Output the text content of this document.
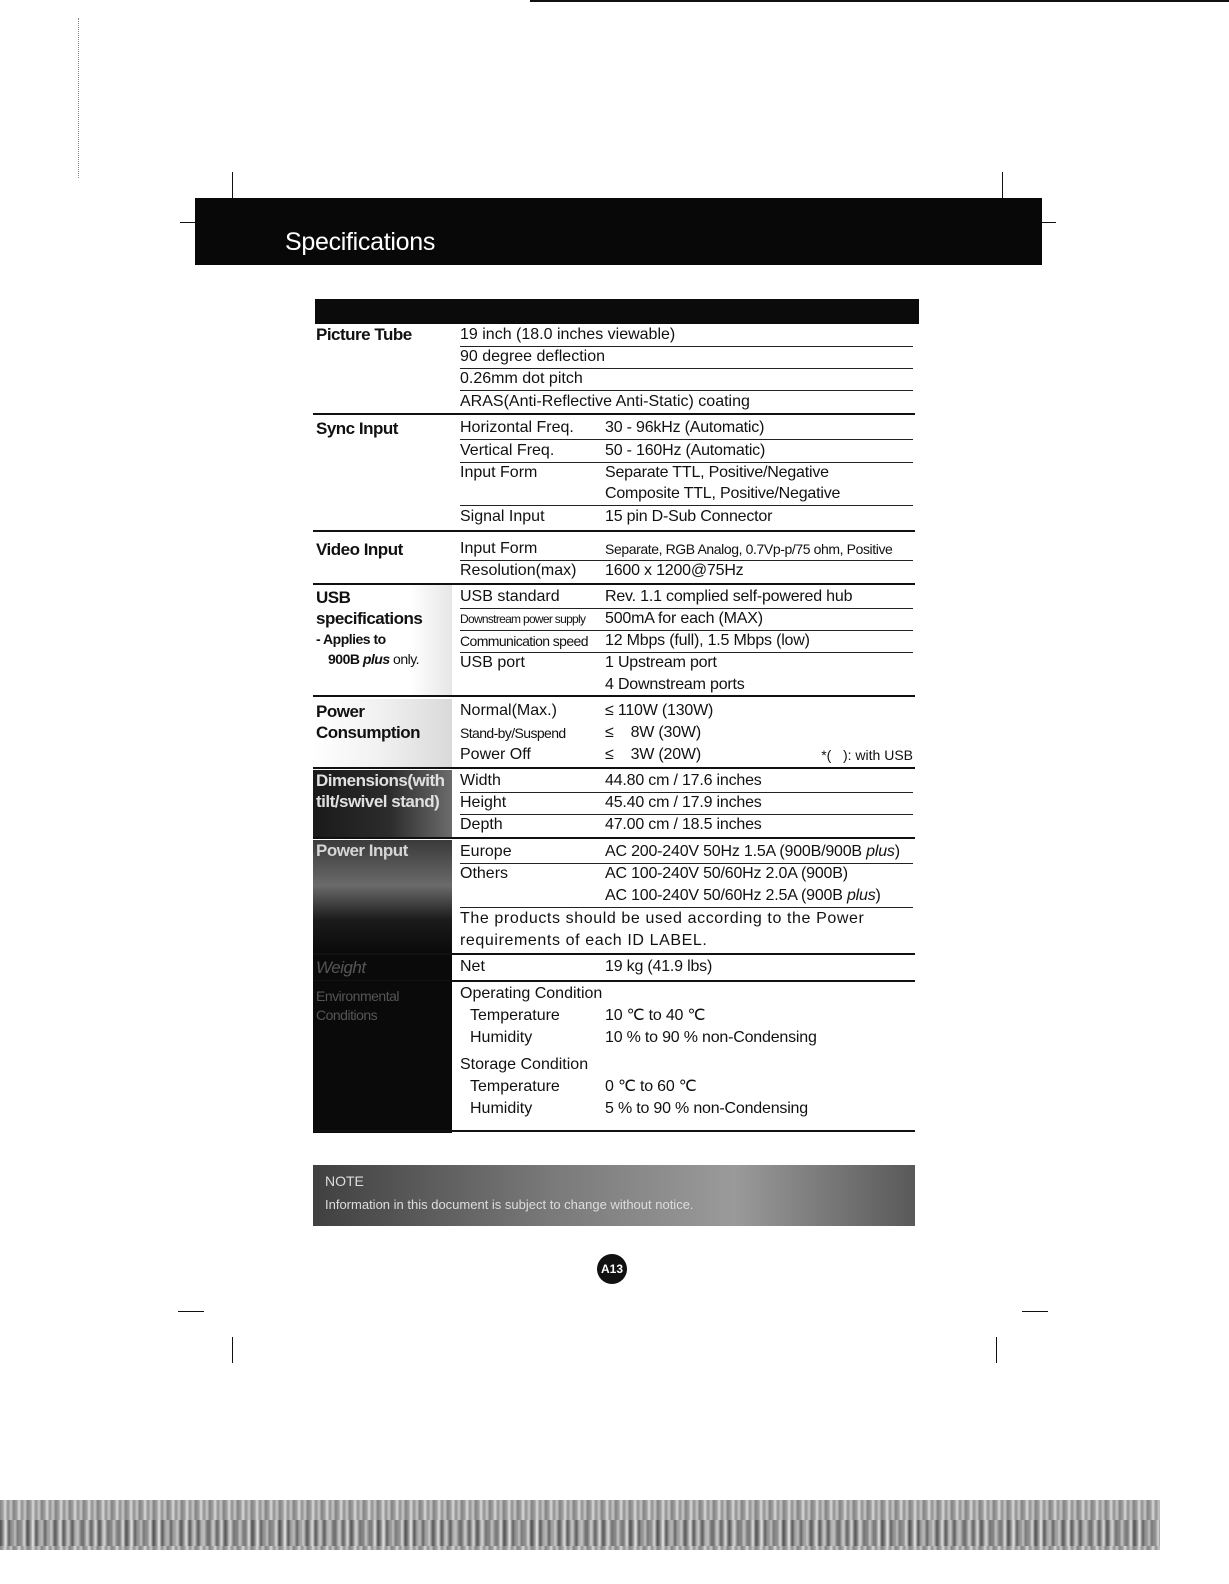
Specifications
Picture Tube	19 inch (18.0 inches viewable)
90 degree deflection
0.26mm dot pitch
ARAS(Anti-Reflective Anti-Static) coating
Sync Input	Horizontal Freq. 30 - 96kHz (Automatic)
Vertical Freq.	50 - 160Hz (Automatic)
Input Form	Separate TTL, Positive/Negative
Composite TTL, Positive/Negative
Signal Input	15 pin D-Sub Connector
Video Input	Input Form	Separate, RGB Analog, 0.7Vp-p/75 ohm, Positive
Resolution(max) 1600 x 1200@75Hz
USB
specifications
- Applies to
900B plus only.
USB standard	Rev. 1.1 complied self-powered hub
Downstream power supply 500mA for each (MAX)
Communication speed 12 Mbps (full), 1.5 Mbps (low)
USB port	1 Upstream port
4 Downstream ports
Power
Consumption
Normal(Max.)	≤ 110W (130W)
Stand-by/Suspend ≤    8W (30W)
Power Off	≤    3W (20W)	*(   ): with USB
Dimensions(with
tilt/swivel stand)
Width	44.80 cm / 17.6 inches
Height	45.40 cm / 17.9 inches
Depth	47.00 cm / 18.5 inches
Power Input	Europe	AC 200-240V 50Hz 1.5A (900B/900B plus)
Others	AC 100-240V 50/60Hz 2.0A (900B)
AC 100-240V 50/60Hz 2.5A (900B plus)
The products should be used according to the Power
requirements of each ID LABEL.
Weight	Net	19 kg (41.9 lbs)
Environmental
Conditions
Operating Condition
Temperature	10 ℃ to 40 ℃
Humidity	10 % to 90 % non-Condensing
Storage Condition
Temperature	0 ℃ to 60 ℃
Humidity	5 % to 90 % non-Condensing
NOTE
Information in this document is subject to change without notice.
A13
